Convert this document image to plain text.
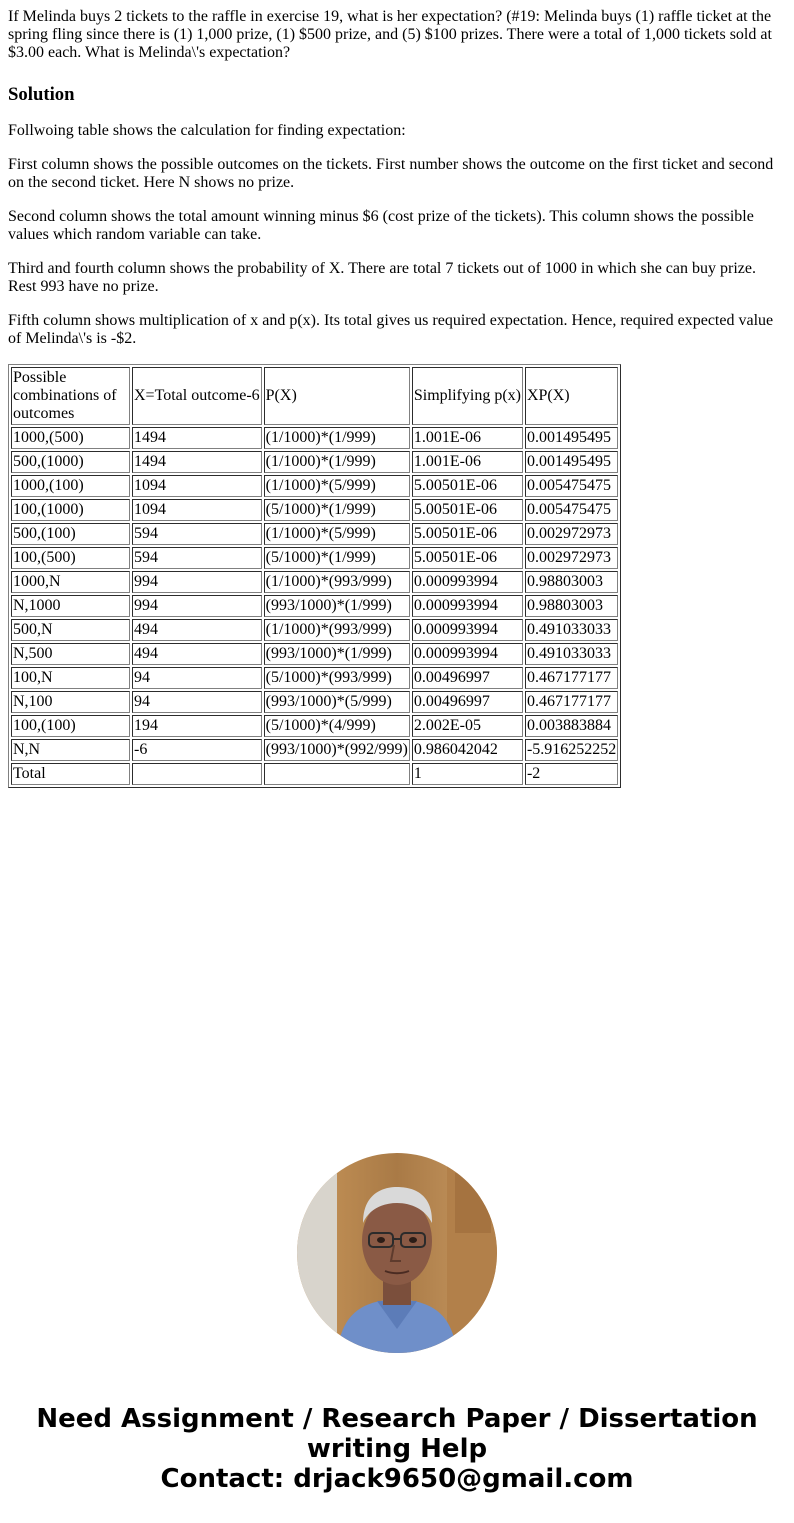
If Melinda buys 2 tickets to the raffle in exercise 19, what is her expectation? (#19: Melinda buys (1) raffle ticket at the spring fling since there is (1) 1,000 prize, (1) $500 prize, and (5) $100 prizes. There were a total of 1,000 tickets sold at $3.00 each. What is Melinda\'s expectation?

Solution

Follwoing table shows the calculation for finding expectation:

First column shows the possible outcomes on the tickets. First number shows the outcome on the first ticket and second on the second ticket. Here N shows no prize.

Second column shows the total amount winning minus $6 (cost prize of the tickets). This column shows the possible values which random variable can take.

Third and fourth column shows the probability of X. There are total 7 tickets out of 1000 in which she can buy prize. Rest 993 have no prize.

Fifth column shows multiplication of x and p(x). Its total gives us required expectation. Hence, required expected value of Melinda\'s is -$2.

Possible combinations of outcomes	X=Total outcome-6	P(X)	Simplifying p(x)	XP(X)
1000,(500)	1494	(1/1000)*(1/999)	1.001E-06	0.001495495
500,(1000)	1494	(1/1000)*(1/999)	1.001E-06	0.001495495
1000,(100)	1094	(1/1000)*(5/999)	5.00501E-06	0.005475475
100,(1000)	1094	(5/1000)*(1/999)	5.00501E-06	0.005475475
500,(100)	594	(1/1000)*(5/999)	5.00501E-06	0.002972973
100,(500)	594	(5/1000)*(1/999)	5.00501E-06	0.002972973
1000,N	994	(1/1000)*(993/999)	0.000993994	0.98803003
N,1000	994	(993/1000)*(1/999)	0.000993994	0.98803003
500,N	494	(1/1000)*(993/999)	0.000993994	0.491033033
N,500	494	(993/1000)*(1/999)	0.000993994	0.491033033
100,N	94	(5/1000)*(993/999)	0.00496997	0.467177177
N,100	94	(993/1000)*(5/999)	0.00496997	0.467177177
100,(100)	194	(5/1000)*(4/999)	2.002E-05	0.003883884
N,N	-6	(993/1000)*(992/999)	0.986042042	-5.916252252
Total			1	-2
Need Assignment / Research Paper / Dissertation
writing Help
Contact: drjack9650@gmail.com
